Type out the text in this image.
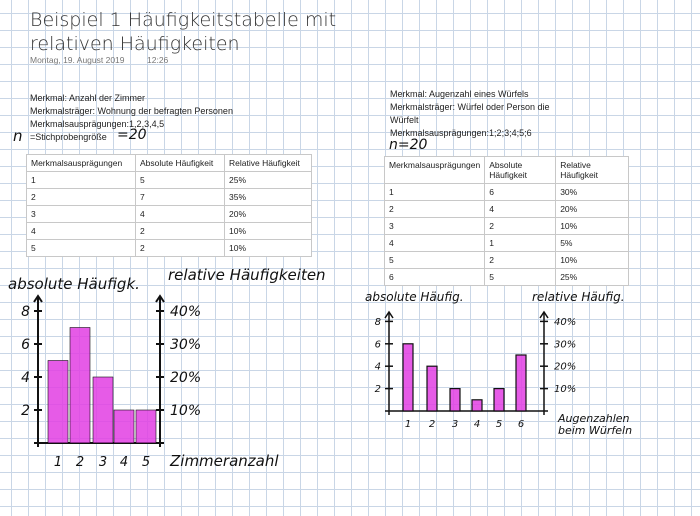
Beispiel 1 Häufigkeitstabelle mit relativen Häufigkeiten
Montag, 19. August 2019	12:26
Merkmal: Anzahl der Zimmer
Merkmalsträger: Wohnung der befragten Personen
Merkmalsausprägungen:1,2,3,4,5
n =Stichprobengröße =20
Merkmalsausprägungen	Absolute Häufigkeit	Relative Häufigkeit
1	5	25%
2	7	35%
3	4	20%
4	2	10%
5	2	10%
Merkmal: Augenzahl eines Würfels
Merkmalsträger: Würfel oder Person die Würfelt
Merkmalsausprägungen:1;2;3;4;5;6
n=20
Merkmalsausprägungen	Absolute Häufigkeit	Relative Häufigkeit
1	6	30%
2	4	20%
3	2	10%
4	1	5%
5	2	10%
6	5	25%
8	40%
6	30%
4	20%
2	10%
1 2 3 4 5
absolute Häufigk. relative Häufigkeiten
Zimmeranzahl
8	40%
6	30%
4	20%
2	10%
1 2 3 4 5 6
absolute Häufig.	relative Häufig.
Augenzahlen
beim Würfeln
